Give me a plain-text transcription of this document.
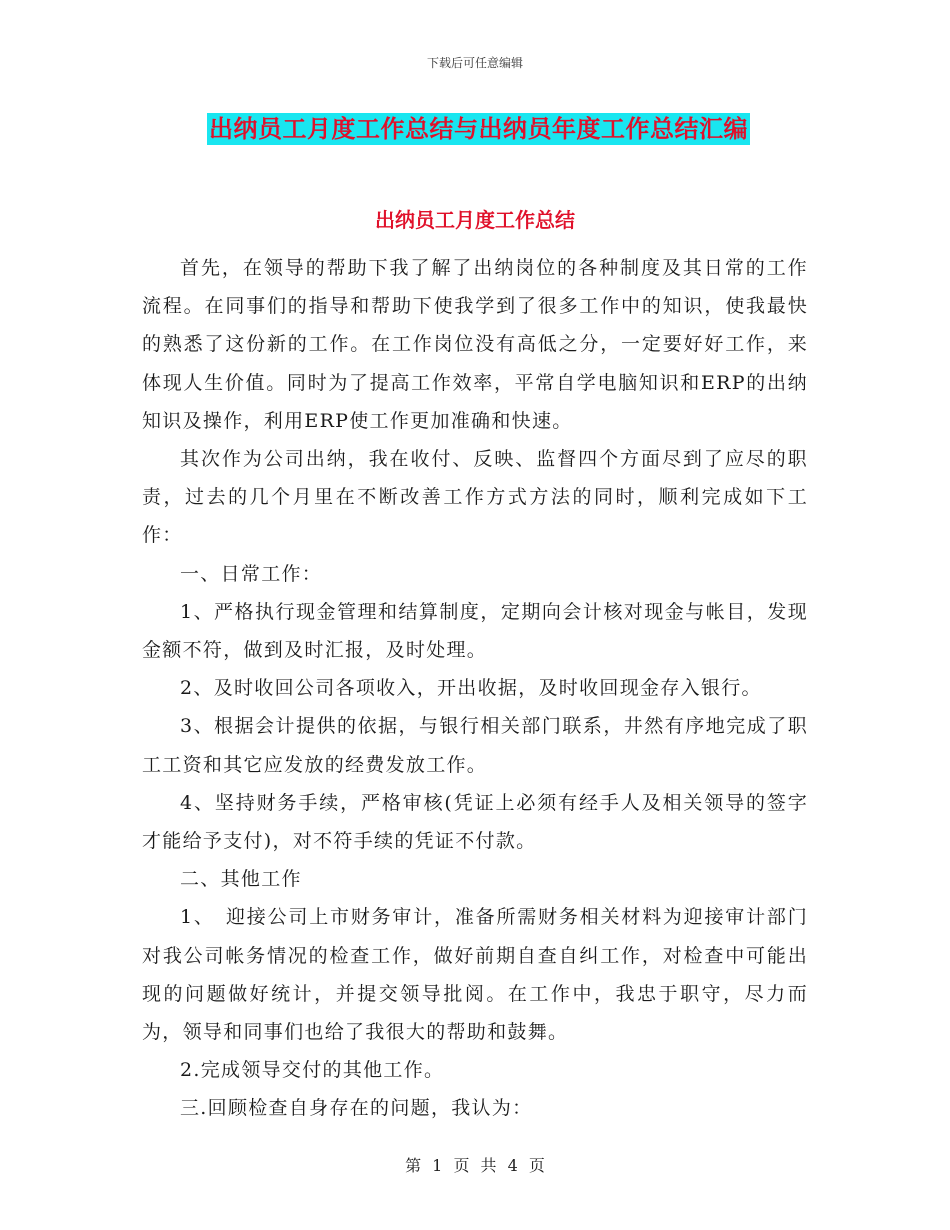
下载后可任意编辑
出纳员工月度工作总结与出纳员年度工作总结汇编
出纳员工月度工作总结

首先，在领导的帮助下我了解了出纳岗位的各种制度及其日常的工作流程。在同事们的指导和帮助下使我学到了很多工作中的知识，使我最快的熟悉了这份新的工作。在工作岗位没有高低之分，一定要好好工作，来体现人生价值。同时为了提高工作效率，平常自学电脑知识和ERP的出纳知识及操作，利用ERP使工作更加准确和快速。

其次作为公司出纳，我在收付、反映、监督四个方面尽到了应尽的职责，过去的几个月里在不断改善工作方式方法的同时，顺利完成如下工作：

一、日常工作：

1、严格执行现金管理和结算制度，定期向会计核对现金与帐目，发现金额不符，做到及时汇报，及时处理。

2、及时收回公司各项收入，开出收据，及时收回现金存入银行。

3、根据会计提供的依据，与银行相关部门联系，井然有序地完成了职工工资和其它应发放的经费发放工作。

4、坚持财务手续，严格审核(凭证上必须有经手人及相关领导的签字才能给予支付)，对不符手续的凭证不付款。

二、其他工作

1、　迎接公司上市财务审计，准备所需财务相关材料为迎接审计部门对我公司帐务情况的检查工作，做好前期自查自纠工作，对检查中可能出现的问题做好统计，并提交领导批阅。在工作中，我忠于职守，尽力而为，领导和同事们也给了我很大的帮助和鼓舞。

2.完成领导交付的其他工作。

三.回顾检查自身存在的问题，我认为：

第 1 页 共 4 页
